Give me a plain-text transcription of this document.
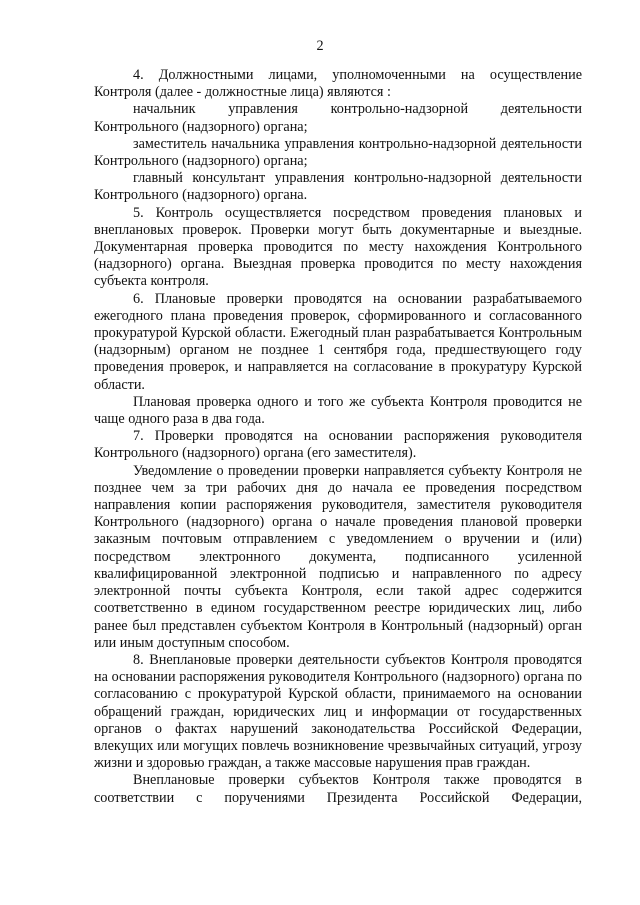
2

4. Должностными лицами, уполномоченными на осуществление Контроля (далее - должностные лица) являются :

начальник управления контрольно-надзорной деятельности Контрольного (надзорного) органа;

заместитель начальника управления контрольно-надзорной деятельности Контрольного (надзорного) органа;

главный консультант управления контрольно-надзорной деятельности Контрольного (надзорного) органа.

5. Контроль осуществляется посредством проведения плановых и внеплановых проверок. Проверки могут быть документарные и выездные. Документарная проверка проводится по месту нахождения Контрольного (надзорного) органа. Выездная проверка проводится по месту нахождения субъекта контроля.

6. Плановые проверки проводятся на основании разрабатываемого ежегодного плана проведения проверок, сформированного и согласованного прокуратурой Курской области. Ежегодный план разрабатывается Контрольным (надзорным) органом не позднее 1 сентября года, предшествующего году проведения проверок, и направляется на согласование в прокуратуру Курской области.

Плановая проверка одного и того же субъекта Контроля проводится не чаще одного раза в два года.

7. Проверки проводятся на основании распоряжения руководителя Контрольного (надзорного) органа (его заместителя).

Уведомление о проведении проверки направляется субъекту Контроля не позднее чем за три рабочих дня до начала ее проведения посредством направления копии распоряжения руководителя, заместителя руководителя Контрольного (надзорного) органа о начале проведения плановой проверки заказным почтовым отправлением с уведомлением о вручении и (или) посредством электронного документа, подписанного усиленной квалифицированной электронной подписью и направленного по адресу электронной почты субъекта Контроля, если такой адрес содержится соответственно в едином государственном реестре юридических лиц, либо ранее был представлен субъектом Контроля в Контрольный (надзорный) орган или иным доступным способом.

8. Внеплановые проверки деятельности субъектов Контроля проводятся на основании распоряжения руководителя Контрольного (надзорного) органа по согласованию с прокуратурой Курской области, принимаемого на основании обращений граждан, юридических лиц и информации от государственных органов о фактах нарушений законодательства Российской Федерации, влекущих или могущих повлечь возникновение чрезвычайных ситуаций, угрозу жизни и здоровью граждан, а также массовые нарушения прав граждан.

Внеплановые проверки субъектов Контроля также проводятся в соответствии с поручениями Президента Российской Федерации,
